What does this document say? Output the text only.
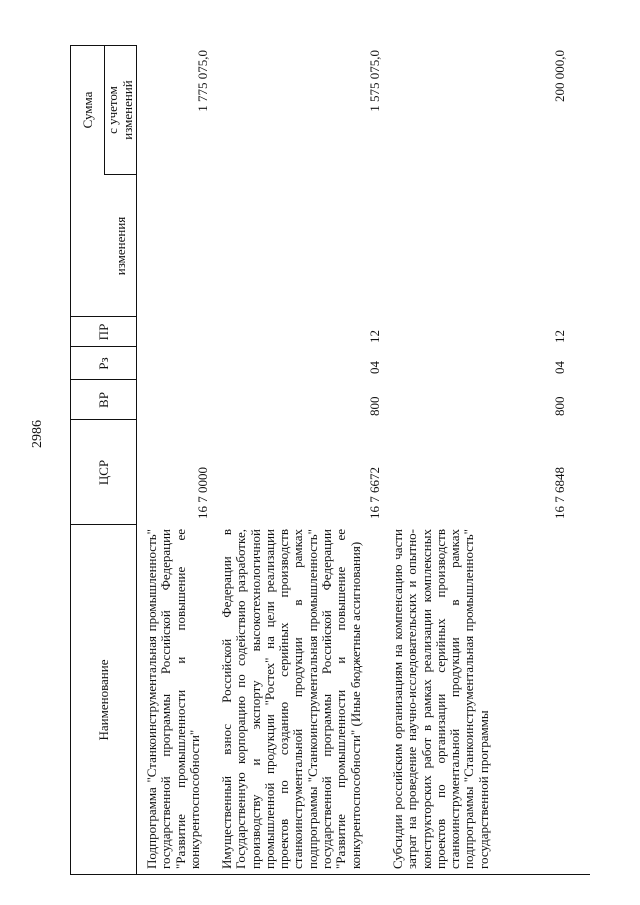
2986
Наименование
ЦСР
ВР
Рз
ПР
Сумма
изменения
с учетом изменений
Подпрограмма "Станкоинструментальная промышленность" государственной программы Российской Федерации "Развитие промышленности и повышение ее конкурентоспособности"
16 7 0000
1 775 075,0
Имущественный взнос Российской Федерации в Государственную корпорацию по содействию разработке, производству и экспорту высокотехнологичной промышленной продукции "Ростех" на цели реализации проектов по созданию серийных производств станкоинструментальной продукции в рамках подпрограммы "Станкоинструментальная промышленность" государственной программы Российской Федерации "Развитие промышленности и повышение ее конкурентоспособности" (Иные бюджетные ассигнования)
16 7 6672
800
04
12
1 575 075,0
Субсидии российским организациям на компенсацию части затрат на проведение научно-исследовательских и опытно-конструкторских работ в рамках реализации комплексных проектов по организации серийных производств станкоинструментальной продукции в рамках подпрограммы "Станкоинструментальная промышленность" государственной программы
16 7 6848
800
04
12
200 000,0
